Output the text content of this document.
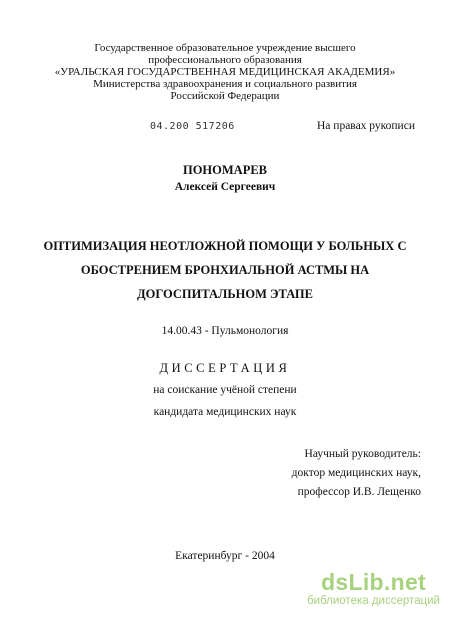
Государственное образовательное учреждение высшего
профессионального образования
«УРАЛЬСКАЯ ГОСУДАРСТВЕННАЯ МЕДИЦИНСКАЯ АКАДЕМИЯ»
Министерства здравоохранения и социального развития
Российской Федерации
04.200 517206	На правах рукописи
ПОНОМАРЕВ
Алексей Сергеевич
ОПТИМИЗАЦИЯ НЕОТЛОЖНОЙ ПОМОЩИ У БОЛЬНЫХ С
ОБОСТРЕНИЕМ БРОНХИАЛЬНОЙ АСТМЫ НА
ДОГОСПИТАЛЬНОМ ЭТАПЕ
14.00.43 - Пульмонология
ДИССЕРТАЦИЯ
на соискание учёной степени
кандидата медицинских наук
Научный руководитель:
доктор медицинских наук,
профессор И.В. Лещенко
Екатеринбург - 2004
dsLib.net
библиотека диссертаций
